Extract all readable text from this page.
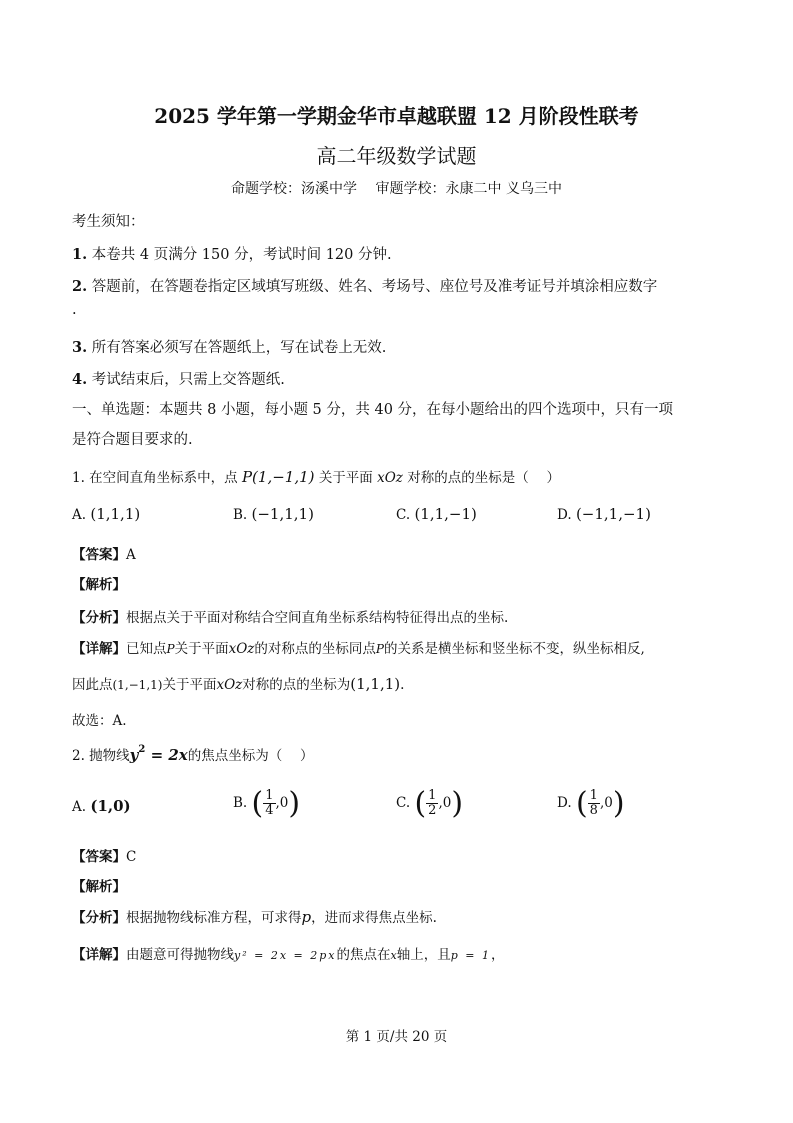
2025 学年第一学期金华市卓越联盟 12 月阶段性联考
高二年级数学试题
命题学校：汤溪中学　 审题学校：永康二中 义乌三中
考生须知：
1. 本卷共 4 页满分 150 分，考试时间 120 分钟.
2. 答题前，在答题卷指定区域填写班级、姓名、考场号、座位号及准考证号并填涂相应数字
.
3. 所有答案必须写在答题纸上，写在试卷上无效.
4. 考试结束后，只需上交答题纸.
一、单选题：本题共 8 小题，每小题 5 分，共 40 分，在每小题给出的四个选项中，只有一项
是符合题目要求的.
1. 在空间直角坐标系中，点 P(1,−1,1) 关于平面 xOz 对称的点的坐标是（　 ）
A. (1,1,1)	B. (−1,1,1)	C. (1,1,−1)	D. (−1,1,−1)
【答案】A
【解析】
【分析】根据点关于平面对称结合空间直角坐标系结构特征得出点的坐标.
【详解】已知点P关于平面xOz的对称点的坐标同点P的关系是横坐标和竖坐标不变，纵坐标相反,
因此点(1,−1,1)关于平面xOz对称的点的坐标为(1,1,1).
故选：A.
2. 抛物线$y^2 = 2x$的焦点坐标为（　 ）
A. (1,0)	B. ( $\frac{1}{4} ,0$)	C. ( $\frac{1}{2} ,0$)	D. ( $\frac{1}{8} ,0$)
【答案】C
【解析】
【分析】根据抛物线标准方程，可求得p，进而求得焦点坐标.
【详解】由题意可得抛物线y² = 2x = 2px的焦点在x轴上，且p = 1，
第 1 页/共 20 页
